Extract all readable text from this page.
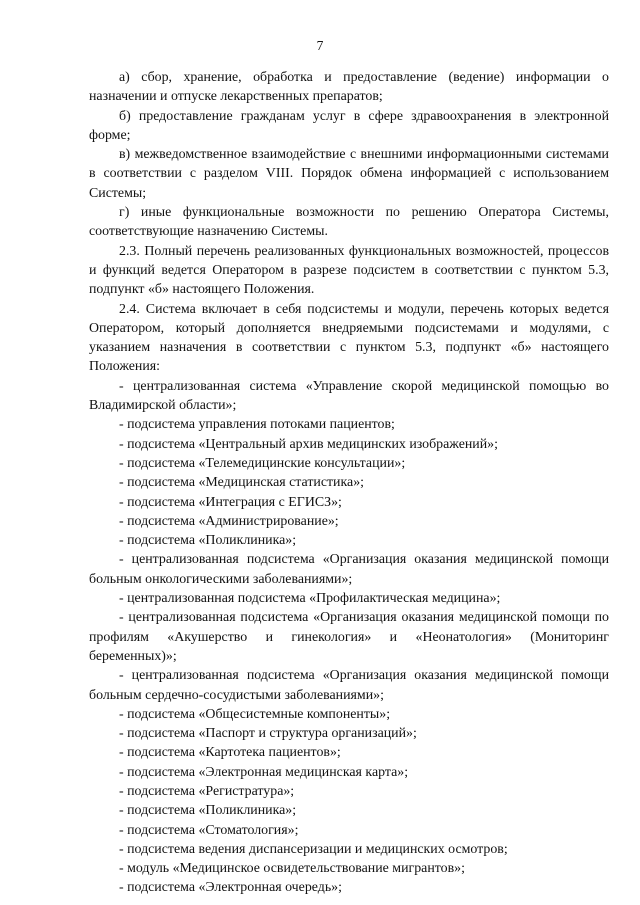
7

а) сбор, хранение, обработка и предоставление (ведение) информации о назначении и отпуске лекарственных препаратов;

б) предоставление гражданам услуг в сфере здравоохранения в электронной форме;

в) межведомственное взаимодействие с внешними информационными системами в соответствии с разделом VIII. Порядок обмена информацией с использованием Системы;

г) иные функциональные возможности по решению Оператора Системы, соответствующие назначению Системы.

2.3. Полный перечень реализованных функциональных возможностей, процессов и функций ведется Оператором в разрезе подсистем в соответствии с пунктом 5.3, подпункт «б» настоящего Положения.

2.4. Система включает в себя подсистемы и модули, перечень которых ведется Оператором, который дополняется внедряемыми подсистемами и модулями, с указанием назначения в соответствии с пунктом 5.3, подпункт «б» настоящего Положения:

- централизованная система «Управление скорой медицинской помощью во Владимирской области»;

- подсистема управления потоками пациентов;

- подсистема «Центральный архив медицинских изображений»;

- подсистема «Телемедицинские консультации»;

- подсистема «Медицинская статистика»;

- подсистема «Интеграция с ЕГИСЗ»;

- подсистема «Администрирование»;

- подсистема «Поликлиника»;

- централизованная подсистема «Организация оказания медицинской помощи больным онкологическими заболеваниями»;

- централизованная подсистема «Профилактическая медицина»;

- централизованная подсистема «Организация оказания медицинской помощи по профилям «Акушерство и гинекология» и «Неонатология» (Мониторинг беременных)»;

- централизованная подсистема «Организация оказания медицинской помощи больным сердечно-сосудистыми заболеваниями»;

- подсистема «Общесистемные компоненты»;

- подсистема «Паспорт и структура организаций»;

- подсистема «Картотека пациентов»;

- подсистема «Электронная медицинская карта»;

- подсистема «Регистратура»;

- подсистема «Поликлиника»;

- подсистема «Стоматология»;

- подсистема ведения диспансеризации и медицинских осмотров;

- модуль «Медицинское освидетельствование мигрантов»;

- подсистема «Электронная очередь»;
